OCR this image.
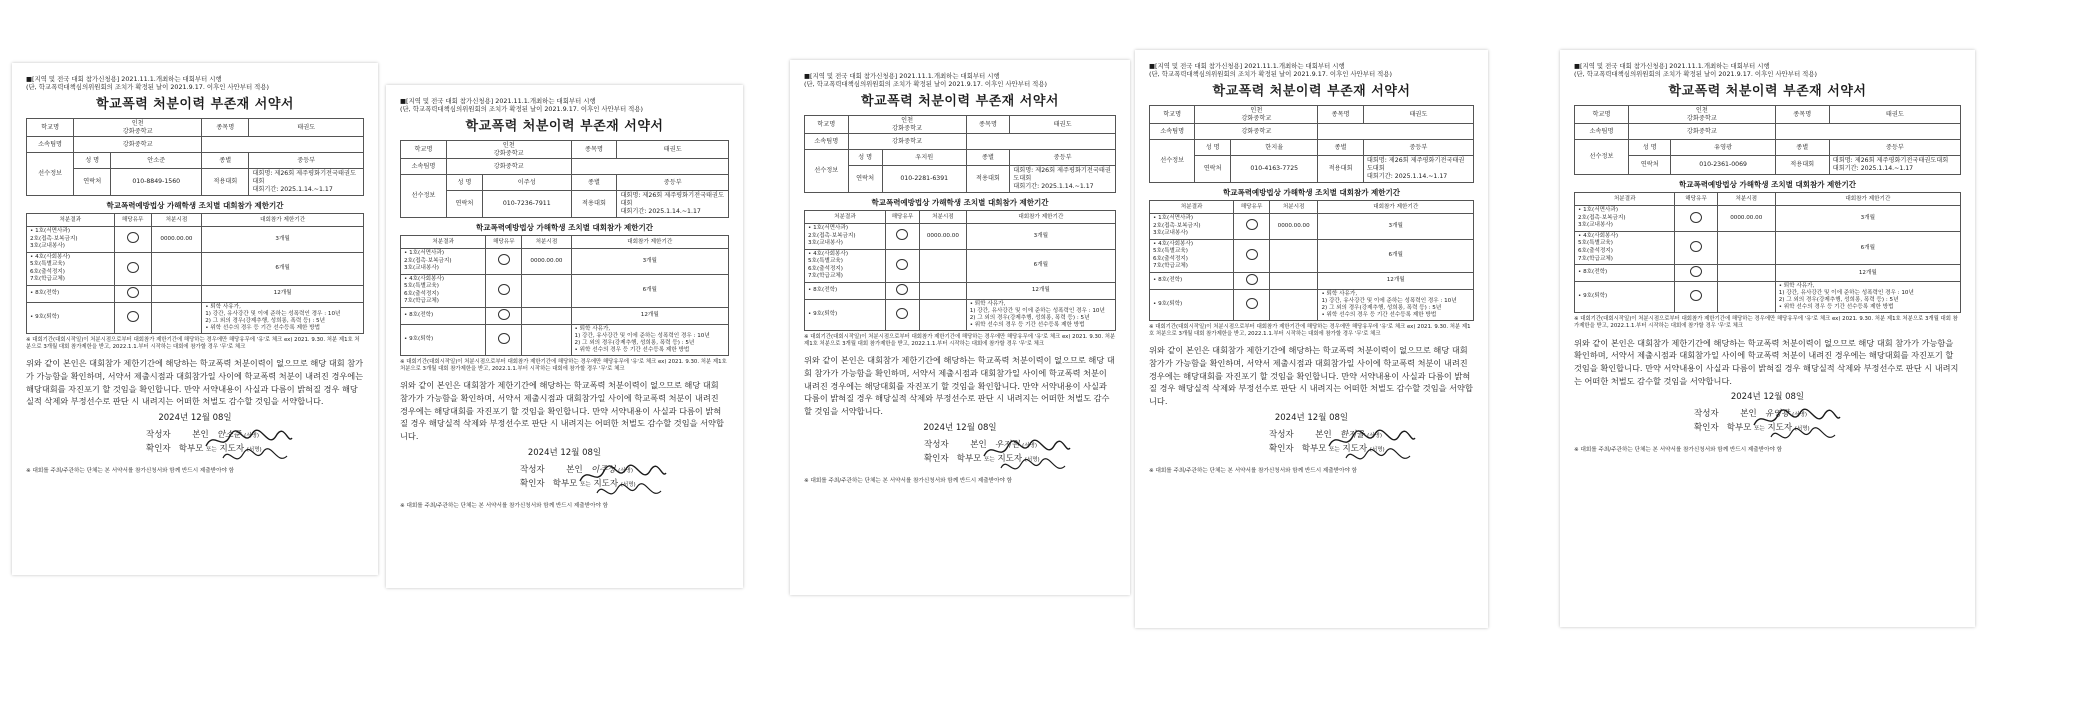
■[지역 및 전국 대회 참가신청용] 2021.11.1.개최하는 대회부터 시행
(단, 학교폭력대책심의위원회의 조치가 확정된 날이 2021.9.17. 이후인 사안부터 적용)
학교폭력 처분이력 부존재 서약서
학교명	인천
강화중학교		종목명	태권도
소속팀명	강화중학교			
선수정보	성 명	안소준	종별	중등부
	연락처	010-8849-1560	적용대회	대회명: 제26회 제주평화기전국태권도대회
대회기간: 2025.1.14.~1.17
학교폭력예방법상 가해학생 조치별 대회참가 제한기간
처분결과	해당유무	처분시점	대회참가 제한기간
• 1호(서면사과)
2호(접촉·보복금지)
3호(교내봉사)		0000.00.00	3개월
• 4호(사회봉사)
5호(특별교육)
6호(출석정지)
7호(학급교체)			6개월
• 8호(전학)			12개월
• 9호(퇴학)			• 퇴학 사유가,
1) 강간, 유사강간 및 이에 준하는 성폭력인 경우 : 10년
2) 그 외의 경우(강제추행, 성희롱, 폭력 등) : 5년
• 위학 선수의 경우 등 기간 선수등록 제한 방법
※ 대회기간(대회시작일)이 처분시점으로부터 대회참가 제한기간에 해당하는 경우에만 해당유무에 '유'로 체크 ex) 2021. 9.30. 처분 제1호 처분으로 3개월 대회 참가제한을 받고, 2022.1.1.부터 시작하는 대회에 참가할 경우 '무'로 체크
위와 같이 본인은 대회참가 제한기간에 해당하는 학교폭력 처분이력이 없으므로 해당 대회 참가가 가능함을 확인하며, 서약서 제출시점과 대회참가일 사이에 학교폭력 처분이 내려진 경우에는 해당대회를 자진포기 할 것임을 확인합니다. 만약 서약내용이 사실과 다름이 밝혀질 경우 해당실적 삭제와 부정선수로 판단 시 내려지는 어떠한 처벌도 감수할 것임을 서약합니다.
2024년 12월 08일
작성자	본인 안소준 (서명)
확인자 학부모 또는 지도자 (서명)
※ 대회를 주최/주관하는 단체는 본 서약서를 참가신청서와 함께 반드시 제출받아야 함
■[지역 및 전국 대회 참가신청용] 2021.11.1.개최하는 대회부터 시행
(단, 학교폭력대책심의위원회의 조치가 확정된 날이 2021.9.17. 이후인 사안부터 적용)
학교폭력 처분이력 부존재 서약서
학교명	인천
강화중학교		종목명	태권도
소속팀명	강화중학교			
선수정보	성 명	이주성	종별	중등부
	연락처	010-7236-7911	적용대회	대회명: 제26회 제주평화기전국태권도대회
대회기간: 2025.1.14.~1.17
학교폭력예방법상 가해학생 조치별 대회참가 제한기간
처분결과	해당유무	처분시점	대회참가 제한기간
• 1호(서면사과)
2호(접촉·보복금지)
3호(교내봉사)		0000.00.00	3개월
• 4호(사회봉사)
5호(특별교육)
6호(출석정지)
7호(학급교체)			6개월
• 8호(전학)			12개월
• 9호(퇴학)			• 퇴학 사유가,
1) 강간, 유사강간 및 이에 준하는 성폭력인 경우 : 10년
2) 그 외의 경우(강제추행, 성희롱, 폭력 등) : 5년
• 위학 선수의 경우 등 기간 선수등록 제한 방법
※ 대회기간(대회시작일)이 처분시점으로부터 대회참가 제한기간에 해당하는 경우에만 해당유무에 '유'로 체크 ex) 2021. 9.30. 처분 제1호 처분으로 3개월 대회 참가제한을 받고, 2022.1.1.부터 시작하는 대회에 참가할 경우 '무'로 체크
위와 같이 본인은 대회참가 제한기간에 해당하는 학교폭력 처분이력이 없으므로 해당 대회 참가가 가능함을 확인하며, 서약서 제출시점과 대회참가일 사이에 학교폭력 처분이 내려진 경우에는 해당대회를 자진포기 할 것임을 확인합니다. 만약 서약내용이 사실과 다름이 밝혀질 경우 해당실적 삭제와 부정선수로 판단 시 내려지는 어떠한 처벌도 감수할 것임을 서약합니다.
2024년 12월 08일
작성자	본인 이주성 (서명)
확인자 학부모 또는 지도자 (서명)
※ 대회를 주최/주관하는 단체는 본 서약서를 참가신청서와 함께 반드시 제출받아야 함
■[지역 및 전국 대회 참가신청용] 2021.11.1.개최하는 대회부터 시행
(단, 학교폭력대책심의위원회의 조치가 확정된 날이 2021.9.17. 이후인 사안부터 적용)
학교폭력 처분이력 부존재 서약서
학교명	인천
강화중학교		종목명	태권도
소속팀명	강화중학교			
선수정보	성 명	우지원	종별	중등부
	연락처	010-2281-6391	적용대회	대회명: 제26회 제주평화기전국태권도대회
대회기간: 2025.1.14.~1.17
학교폭력예방법상 가해학생 조치별 대회참가 제한기간
처분결과	해당유무	처분시점	대회참가 제한기간
• 1호(서면사과)
2호(접촉·보복금지)
3호(교내봉사)		0000.00.00	3개월
• 4호(사회봉사)
5호(특별교육)
6호(출석정지)
7호(학급교체)			6개월
• 8호(전학)			12개월
• 9호(퇴학)			• 퇴학 사유가,
1) 강간, 유사강간 및 이에 준하는 성폭력인 경우 : 10년
2) 그 외의 경우(강제추행, 성희롱, 폭력 등) : 5년
• 위학 선수의 경우 등 기간 선수등록 제한 방법
※ 대회기간(대회시작일)이 처분시점으로부터 대회참가 제한기간에 해당하는 경우에만 해당유무에 '유'로 체크 ex) 2021. 9.30. 처분 제1호 처분으로 3개월 대회 참가제한을 받고, 2022.1.1.부터 시작하는 대회에 참가할 경우 '무'로 체크
위와 같이 본인은 대회참가 제한기간에 해당하는 학교폭력 처분이력이 없으므로 해당 대회 참가가 가능함을 확인하며, 서약서 제출시점과 대회참가일 사이에 학교폭력 처분이 내려진 경우에는 해당대회를 자진포기 할 것임을 확인합니다. 만약 서약내용이 사실과 다름이 밝혀질 경우 해당실적 삭제와 부정선수로 판단 시 내려지는 어떠한 처벌도 감수할 것임을 서약합니다.
2024년 12월 08일
작성자	본인 우지원 (서명)
확인자 학부모 또는 지도자 (서명)
※ 대회를 주최/주관하는 단체는 본 서약서를 참가신청서와 함께 반드시 제출받아야 함
■[지역 및 전국 대회 참가신청용] 2021.11.1.개최하는 대회부터 시행
(단, 학교폭력대책심의위원회의 조치가 확정된 날이 2021.9.17. 이후인 사안부터 적용)
학교폭력 처분이력 부존재 서약서
학교명	인천
강화중학교		종목명	태권도
소속팀명	강화중학교			
선수정보	성 명	한지율	종별	중등부
	연락처	010-4163-7725	적용대회	대회명: 제26회 제주평화기전국태권도대회
대회기간: 2025.1.14.~1.17
학교폭력예방법상 가해학생 조치별 대회참가 제한기간
처분결과	해당유무	처분시점	대회참가 제한기간
• 1호(서면사과)
2호(접촉·보복금지)
3호(교내봉사)		0000.00.00	3개월
• 4호(사회봉사)
5호(특별교육)
6호(출석정지)
7호(학급교체)			6개월
• 8호(전학)			12개월
• 9호(퇴학)			• 퇴학 사유가,
1) 강간, 유사강간 및 이에 준하는 성폭력인 경우 : 10년
2) 그 외의 경우(강제추행, 성희롱, 폭력 등) : 5년
• 위학 선수의 경우 등 기간 선수등록 제한 방법
※ 대회기간(대회시작일)이 처분시점으로부터 대회참가 제한기간에 해당하는 경우에만 해당유무에 '유'로 체크 ex) 2021. 9.30. 처분 제1호 처분으로 3개월 대회 참가제한을 받고, 2022.1.1.부터 시작하는 대회에 참가할 경우 '무'로 체크
위와 같이 본인은 대회참가 제한기간에 해당하는 학교폭력 처분이력이 없으므로 해당 대회 참가가 가능함을 확인하며, 서약서 제출시점과 대회참가일 사이에 학교폭력 처분이 내려진 경우에는 해당대회를 자진포기 할 것임을 확인합니다. 만약 서약내용이 사실과 다름이 밝혀질 경우 해당실적 삭제와 부정선수로 판단 시 내려지는 어떠한 처벌도 감수할 것임을 서약합니다.
2024년 12월 08일
작성자	본인 한지율 (서명)
확인자 학부모 또는 지도자 (서명)
※ 대회를 주최/주관하는 단체는 본 서약서를 참가신청서와 함께 반드시 제출받아야 함
■[지역 및 전국 대회 참가신청용] 2021.11.1.개최하는 대회부터 시행
(단, 학교폭력대책심의위원회의 조치가 확정된 날이 2021.9.17. 이후인 사안부터 적용)
학교폭력 처분이력 부존재 서약서
학교명	인천
강화중학교		종목명	태권도
소속팀명	강화중학교			
선수정보	성 명	유영광	종별	중등부
	연락처	010-2361-0069	적용대회	대회명: 제26회 제주평화기전국태권도대회
대회기간: 2025.1.14.~1.17
학교폭력예방법상 가해학생 조치별 대회참가 제한기간
처분결과	해당유무	처분시점	대회참가 제한기간
• 1호(서면사과)
2호(접촉·보복금지)
3호(교내봉사)		0000.00.00	3개월
• 4호(사회봉사)
5호(특별교육)
6호(출석정지)
7호(학급교체)			6개월
• 8호(전학)			12개월
• 9호(퇴학)			• 퇴학 사유가,
1) 강간, 유사강간 및 이에 준하는 성폭력인 경우 : 10년
2) 그 외의 경우(강제추행, 성희롱, 폭력 등) : 5년
• 위학 선수의 경우 등 기간 선수등록 제한 방법
※ 대회기간(대회시작일)이 처분시점으로부터 대회참가 제한기간에 해당하는 경우에만 해당유무에 '유'로 체크 ex) 2021. 9.30. 처분 제1호 처분으로 3개월 대회 참가제한을 받고, 2022.1.1.부터 시작하는 대회에 참가할 경우 '무'로 체크
위와 같이 본인은 대회참가 제한기간에 해당하는 학교폭력 처분이력이 없으므로 해당 대회 참가가 가능함을 확인하며, 서약서 제출시점과 대회참가일 사이에 학교폭력 처분이 내려진 경우에는 해당대회를 자진포기 할 것임을 확인합니다. 만약 서약내용이 사실과 다름이 밝혀질 경우 해당실적 삭제와 부정선수로 판단 시 내려지는 어떠한 처벌도 감수할 것임을 서약합니다.
2024년 12월 08일
작성자	본인 유영광 (서명)
확인자 학부모 또는 지도자 (서명)
※ 대회를 주최/주관하는 단체는 본 서약서를 참가신청서와 함께 반드시 제출받아야 함
